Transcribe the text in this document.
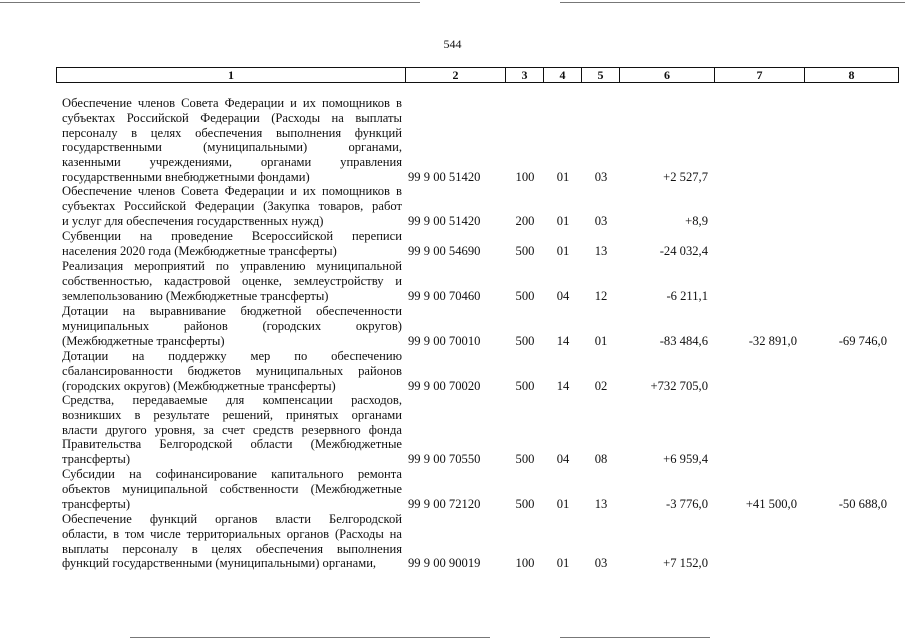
544
1	2	3	4	5	6	7	8
Обеспечение членов Совета Федерации и их помощников в
субъектах Российской Федерации (Расходы на выплаты
персоналу в целях обеспечения выполнения функций
государственными (муниципальными) органами,
казенными учреждениями, органами управления
государственными внебюджетными фондами)	99 9 00 51420	100	01	03	+2 527,7
Обеспечение членов Совета Федерации и их помощников в
субъектах Российской Федерации (Закупка товаров, работ
и услуг для обеспечения государственных нужд)	99 9 00 51420	200	01	03	+8,9
Субвенции на проведение Всероссийской переписи
населения 2020 года (Межбюджетные трансферты)	99 9 00 54690	500	01	13	-24 032,4
Реализация мероприятий по управлению муниципальной
собственностью, кадастровой оценке, землеустройству и
землепользованию (Межбюджетные трансферты)	99 9 00 70460	500	04	12	-6 211,1
Дотации на выравнивание бюджетной обеспеченности
муниципальных районов (городских округов)
(Межбюджетные трансферты)	99 9 00 70010	500	14	01	-83 484,6	-32 891,0	-69 746,0
Дотации на поддержку мер по обеспечению
сбалансированности бюджетов муниципальных районов
(городских округов) (Межбюджетные трансферты)	99 9 00 70020	500	14	02	+732 705,0
Средства, передаваемые для компенсации расходов,
возникших в результате решений, принятых органами
власти другого уровня, за счет средств резервного фонда
Правительства Белгородской области (Межбюджетные
трансферты)	99 9 00 70550	500	04	08	+6 959,4
Субсидии на софинансирование капитального ремонта
объектов муниципальной собственности (Межбюджетные
трансферты)	99 9 00 72120	500	01	13	-3 776,0	+41 500,0	-50 688,0
Обеспечение функций органов власти Белгородской
области, в том числе территориальных органов (Расходы на
выплаты персоналу в целях обеспечения выполнения
функций государственными (муниципальными) органами,	99 9 00 90019	100	01	03	+7 152,0
